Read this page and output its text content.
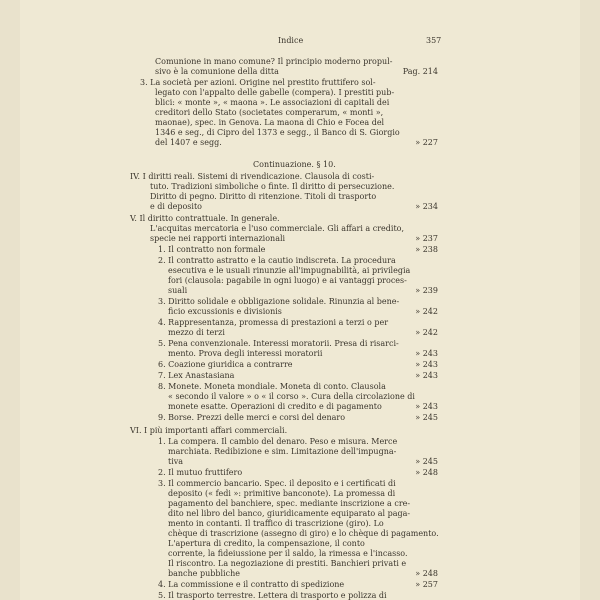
Indice	357
Comunione in mano comune? Il principio moderno propul-
sivo è la comunione della ditta
3. La società per azioni. Origine nel prestito fruttifero sol-
legato con l'appalto delle gabelle (compera). I prestiti pub-
blici: « monte », « maona ». Le associazioni di capitali dei
creditori dello Stato (societates comperarum, « monti »,
maonae), spec. in Genova. La maona di Chio e Focea del
1346 e seg., di Cipro del 1373 e segg., il Banco di S. Giorgio
del 1407 e segg.
Continuazione. § 10.
IV. I diritti reali. Sistemi di rivendicazione. Clausola di costi-
tuto. Tradizioni simboliche o finte. Il diritto di persecuzione.
Diritto di pegno. Diritto di ritenzione. Titoli di trasporto
e di deposito
V. Il diritto contrattuale. In generale.
L'acquitas mercatoria e l'uso commerciale. Gli affari a credito,
specie nei rapporti internazionali
1. Il contratto non formale
2. Il contratto astratto e la cautio indiscreta. La procedura
esecutiva e le usuali rinunzie all'impugnabilità, ai privilegia
fori (clausola: pagabile in ogni luogo) e ai vantaggi proces-
suali
3. Diritto solidale e obbligazione solidale. Rinunzia al bene-
ficio excussionis e divisionis
4. Rappresentanza, promessa di prestazioni a terzi o per
mezzo di terzi
5. Pena convenzionale. Interessi moratorii. Presa di risarci-
mento. Prova degli interessi moratorii
6. Coazione giuridica a contrarre
7. Lex Anastasiana
8. Monete. Moneta mondiale. Moneta di conto. Clausola
« secondo il valore » o « il corso ». Cura della circolazione di
monete esatte. Operazioni di credito e di pagamento
9. Borse. Prezzi delle merci e corsi del denaro
VI. I più importanti affari commerciali.
1. La compera. Il cambio del denaro. Peso e misura. Merce
marchiata. Redibizione e sim. Limitazione dell'impugna-
tiva
2. Il mutuo fruttifero
3. Il commercio bancario. Spec. il deposito e i certificati di
deposito (« fedi »: primitive banconote). La promessa di
pagamento del banchiere, spec. mediante inscrizione a cre-
dito nel libro del banco, giuridicamente equiparato al paga-
mento in contanti. Il traffico di trascrizione (giro). Lo
chèque di trascrizione (assegno di giro) e lo chèque di pagamento.
L'apertura di credito, la compensazione, il conto
corrente, la fideiussione per il saldo, la rimessa e l'incasso.
Il riscontro. La negoziazione di prestiti. Banchieri privati e
banche pubbliche
4. La commissione e il contratto di spedizione
5. Il trasporto terrestre. Lettera di trasporto e polizza di
Pag. 214
» 227
» 234
» 237
» 238
» 239
» 242
» 242
» 243
» 243
» 243
» 243
» 245
» 245
» 248
» 248
» 257
